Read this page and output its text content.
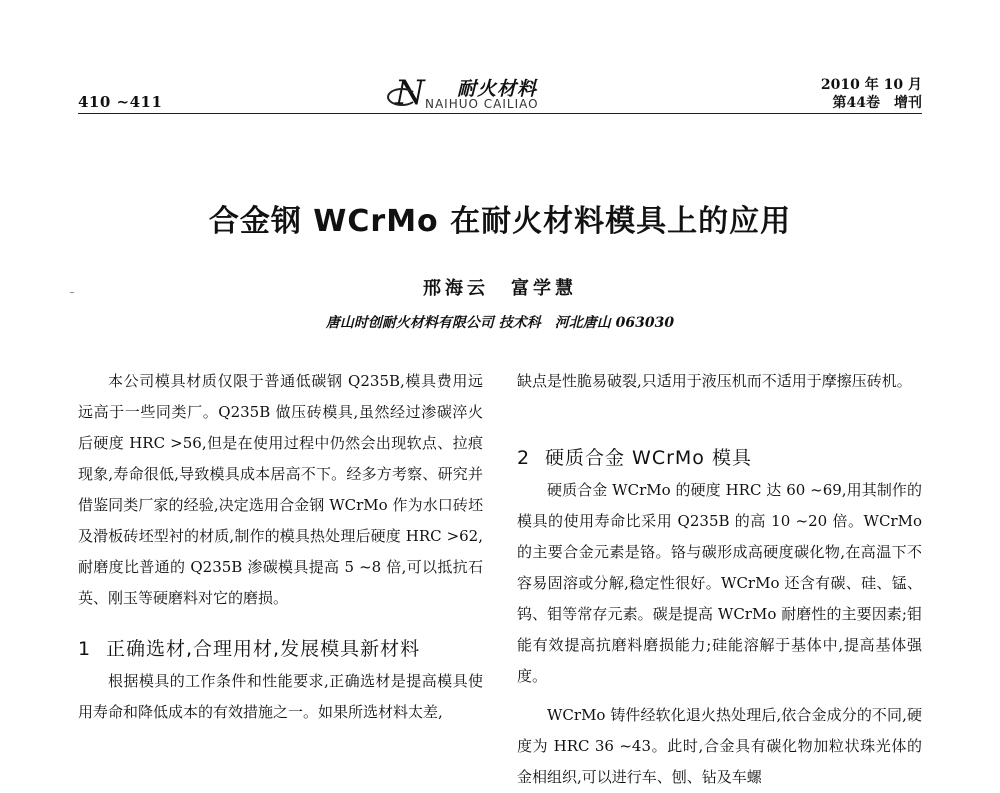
410 ~411	N 耐火材料
NAIHUO CAILIAO
2010 年 10 月
第44卷　增刊
合金钢 WCrMo 在耐火材料模具上的应用
邢海云　富学慧
唐山时创耐火材料有限公司 技术科　河北唐山 063030

本公司模具材质仅限于普通低碳钢 Q235B,模具费用远远高于一些同类厂。Q235B 做压砖模具,虽然经过渗碳淬火后硬度 HRC >56,但是在使用过程中仍然会出现软点、拉痕现象,寿命很低,导致模具成本居高不下。经多方考察、研究并借鉴同类厂家的经验,决定选用合金钢 WCrMo 作为水口砖坯及滑板砖坯型衬的材质,制作的模具热处理后硬度 HRC >62,耐磨度比普通的 Q235B 渗碳模具提高 5 ~8 倍,可以抵抗石英、刚玉等硬磨料对它的磨损。

1 正确选材,合理用材,发展模具新材料

根据模具的工作条件和性能要求,正确选材是提高模具使用寿命和降低成本的有效措施之一。如果所选材料太差,

缺点是性脆易破裂,只适用于液压机而不适用于摩擦压砖机。

2 硬质合金 WCrMo 模具

硬质合金 WCrMo 的硬度 HRC 达 60 ~69,用其制作的模具的使用寿命比采用 Q235B 的高 10 ~20 倍。WCrMo 的主要合金元素是铬。铬与碳形成高硬度碳化物,在高温下不容易固溶或分解,稳定性很好。WCrMo 还含有碳、硅、锰、钨、钼等常存元素。碳是提高 WCrMo 耐磨性的主要因素;钼能有效提高抗磨料磨损能力;硅能溶解于基体中,提高基体强度。

WCrMo 铸件经软化退火热处理后,依合金成分的不同,硬度为 HRC 36 ~43。此时,合金具有碳化物加粒状珠光体的金相组织,可以进行车、刨、钻及车螺
